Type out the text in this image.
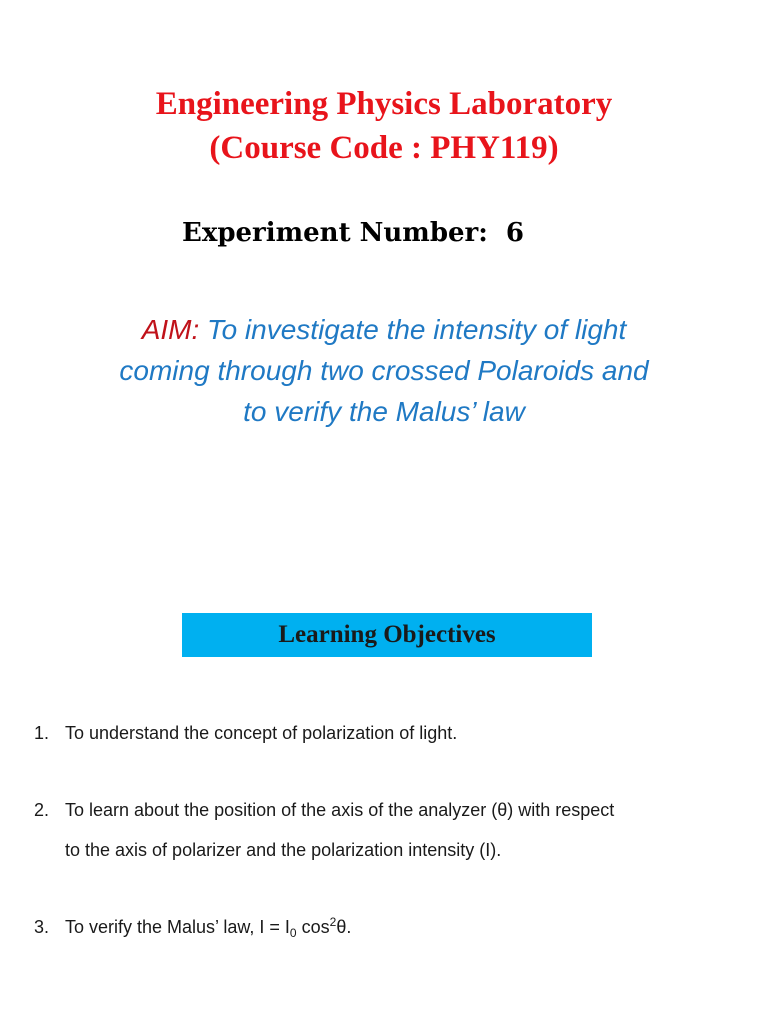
Engineering Physics Laboratory
(Course Code : PHY119)
Experiment Number:  6

AIM: To investigate the intensity of light
coming through two crossed Polaroids and
to verify the Malus’ law

Learning Objectives

1. To understand the concept of polarization of light.

2. To learn about the position of the axis of the analyzer (θ) with respect
to the axis of polarizer and the polarization intensity (I).

3. To verify the Malus’ law, $I = I_0$ $\cos^2\theta$.
